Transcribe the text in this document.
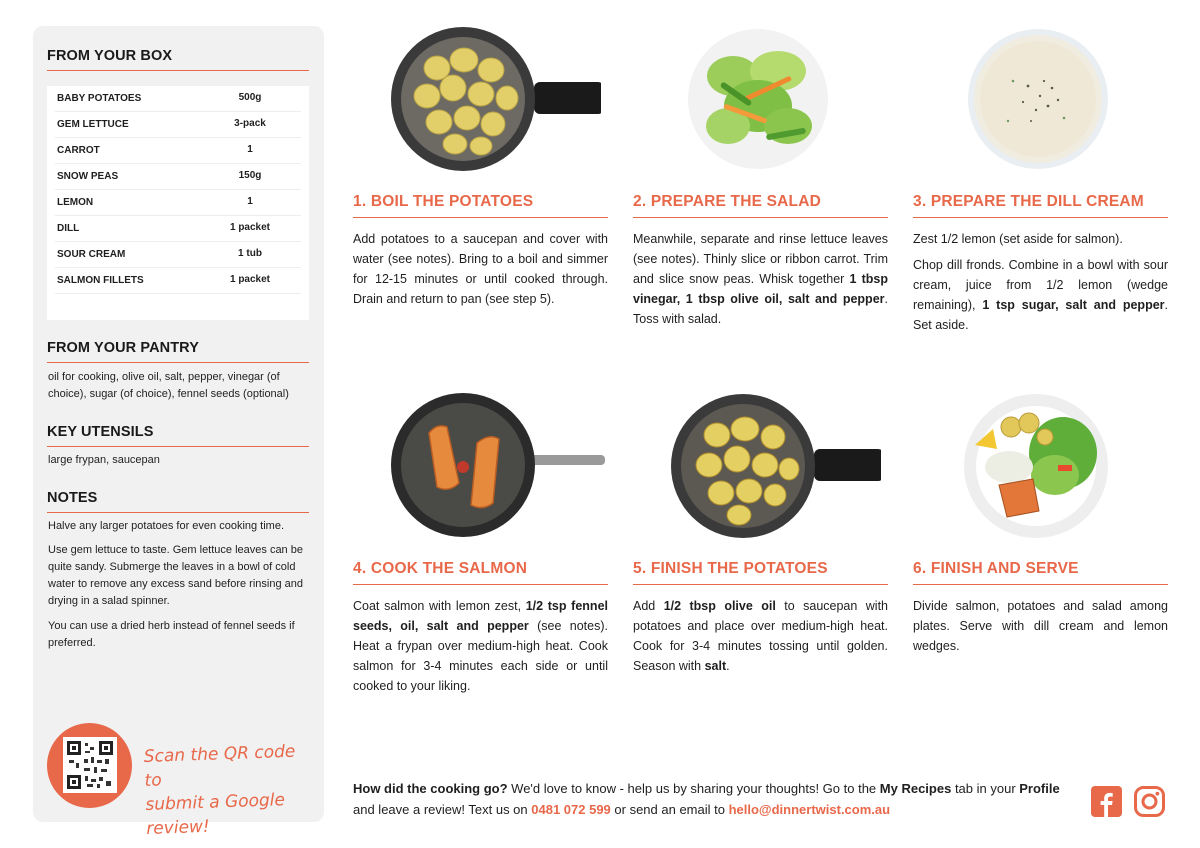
FROM YOUR BOX
BABY POTATOES	500g
GEM LETTUCE	3-pack
CARROT	1
SNOW PEAS	150g
LEMON	1
DILL	1 packet
SOUR CREAM	1 tub
SALMON FILLETS	1 packet
FROM YOUR PANTRY
oil for cooking, olive oil, salt, pepper, vinegar (of choice), sugar (of choice), fennel seeds (optional)
KEY UTENSILS
large frypan, saucepan
NOTES
Halve any larger potatoes for even cooking time.
Use gem lettuce to taste. Gem lettuce leaves can be quite sandy. Submerge the leaves in a bowl of cold water to remove any excess sand before rinsing and drying in a salad spinner.
You can use a dried herb instead of fennel seeds if preferred.
Scan the QR code to
submit a Google review!
1. BOIL THE POTATOES

Add potatoes to a saucepan and cover with water (see notes). Bring to a boil and simmer for 12-15 minutes or until cooked through. Drain and return to pan (see step 5).

2. PREPARE THE SALAD

Meanwhile, separate and rinse lettuce leaves (see notes). Thinly slice or ribbon carrot. Trim and slice snow peas. Whisk together 1 tbsp vinegar, 1 tbsp olive oil, salt and pepper. Toss with salad.

3. PREPARE THE DILL CREAM

Zest 1/2 lemon (set aside for salmon).

Chop dill fronds. Combine in a bowl with sour cream, juice from 1/2 lemon (wedge remaining), 1 tsp sugar, salt and pepper. Set aside.

4. COOK THE SALMON

Coat salmon with lemon zest, 1/2 tsp fennel seeds, oil, salt and pepper (see notes). Heat a frypan over medium-high heat. Cook salmon for 3-4 minutes each side or until cooked to your liking.

5. FINISH THE POTATOES

Add 1/2 tbsp olive oil to saucepan with potatoes and place over medium-high heat. Cook for 3-4 minutes tossing until golden. Season with salt.

6. FINISH AND SERVE

Divide salmon, potatoes and salad among plates. Serve with dill cream and lemon wedges.

How did the cooking go? We'd love to know - help us by sharing your thoughts! Go to the My Recipes tab in your Profile and leave a review! Text us on 0481 072 599 or send an email to hello@dinnertwist.com.au
